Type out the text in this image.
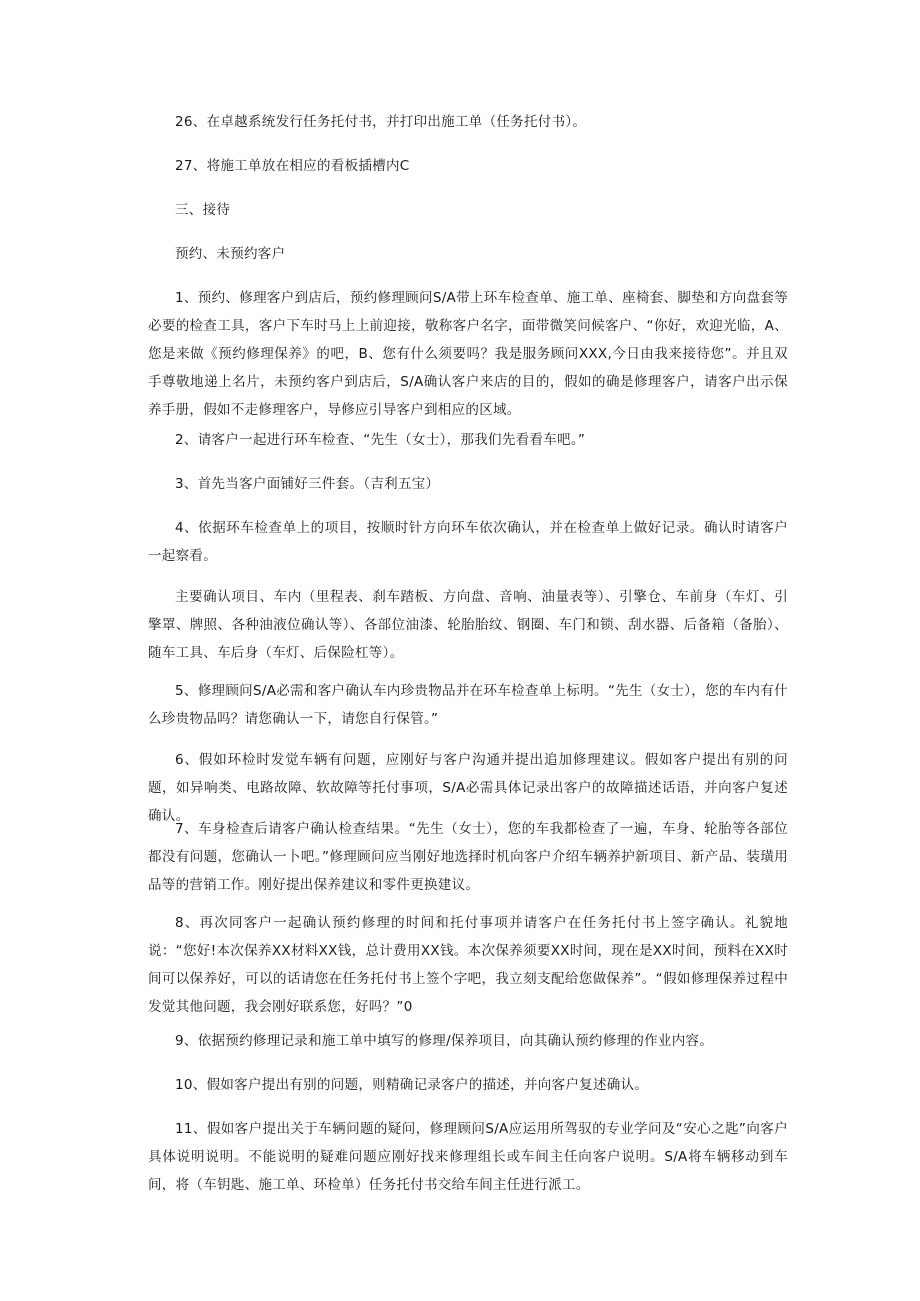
26、在卓越系统发行任务托付书，并打印出施工单（任务托付书）。

27、将施工单放在相应的看板插槽内C

三、接待

预约、未预约客户

1、预约、修理客户到店后，预约修理顾问S/A带上环车检查单、施工单、座椅套、脚垫和方向盘套等必要的检查工具，客户下车时马上上前迎接，敬称客户名字，面带微笑问候客户、“你好，欢迎光临，A、您是来做《预约修理保养》的吧，B、您有什么须要吗？我是服务顾问XXX,今日由我来接待您”。并且双手尊敬地递上名片，未预约客户到店后，S/A确认客户来店的目的，假如的确是修理客户，请客户出示保养手册，假如不走修理客户，导修应引导客户到相应的区域。

2、请客户一起进行环车检查、“先生（女士），那我们先看看车吧。”

3、首先当客户面铺好三件套。（吉利五宝）

4、依据环车检查单上的项目，按顺时针方向环车依次确认，并在检查单上做好记录。确认时请客户一起察看。

主要确认项目、车内（里程表、刹车踏板、方向盘、音响、油量表等）、引擎仓、车前身（车灯、引擎罩、牌照、各种油液位确认等）、各部位油漆、轮胎胎纹、钢圈、车门和锁、刮水器、后备箱（备胎）、随车工具、车后身（车灯、后保险杠等）。

5、修理顾问S/A必需和客户确认车内珍贵物品并在环车检查单上标明。“先生（女士），您的车内有什么珍贵物品吗？请您确认一下，请您自行保管。”

6、假如环检时发觉车辆有问题，应刚好与客户沟通并提出追加修理建议。假如客户提出有别的问题，如异响类、电路故障、软故障等托付事项，S/A必需具体记录出客户的故障描述话语，并向客户复述确认。

7、车身检查后请客户确认检查结果。“先生（女士），您的车我都检查了一遍，车身、轮胎等各部位都没有问题，您确认一卜吧。”修理顾问应当刚好地选择时机向客户介绍车辆养护新项目、新产品、装璜用品等的营销工作。刚好提出保养建议和零件更换建议。

8、再次同客户一起确认预约修理的时间和托付事项并请客户在任务托付书上签字确认。礼貌地说：“您好!本次保养XX材料XX钱，总计费用XX钱。本次保养须要XX时间，现在是XX时间，预料在XX时间可以保养好，可以的话请您在任务托付书上签个字吧，我立刻支配给您做保养”。“假如修理保养过程中发觉其他问题，我会刚好联系您，好吗？”0

9、依据预约修理记录和施工单中填写的修理/保养项目，向其确认预约修理的作业内容。

10、假如客户提出有别的问题，则精确记录客户的描述，并向客户复述确认。

11、假如客户提出关于车辆问题的疑问，修理顾问S/A应运用所驾驭的专业学问及“安心之匙”向客户具体说明说明。不能说明的疑难问题应刚好找来修理组长或车间主任向客户说明。S/A将车辆移动到车间，将（车钥匙、施工单、环检单）任务托付书交给车间主任进行派工。
